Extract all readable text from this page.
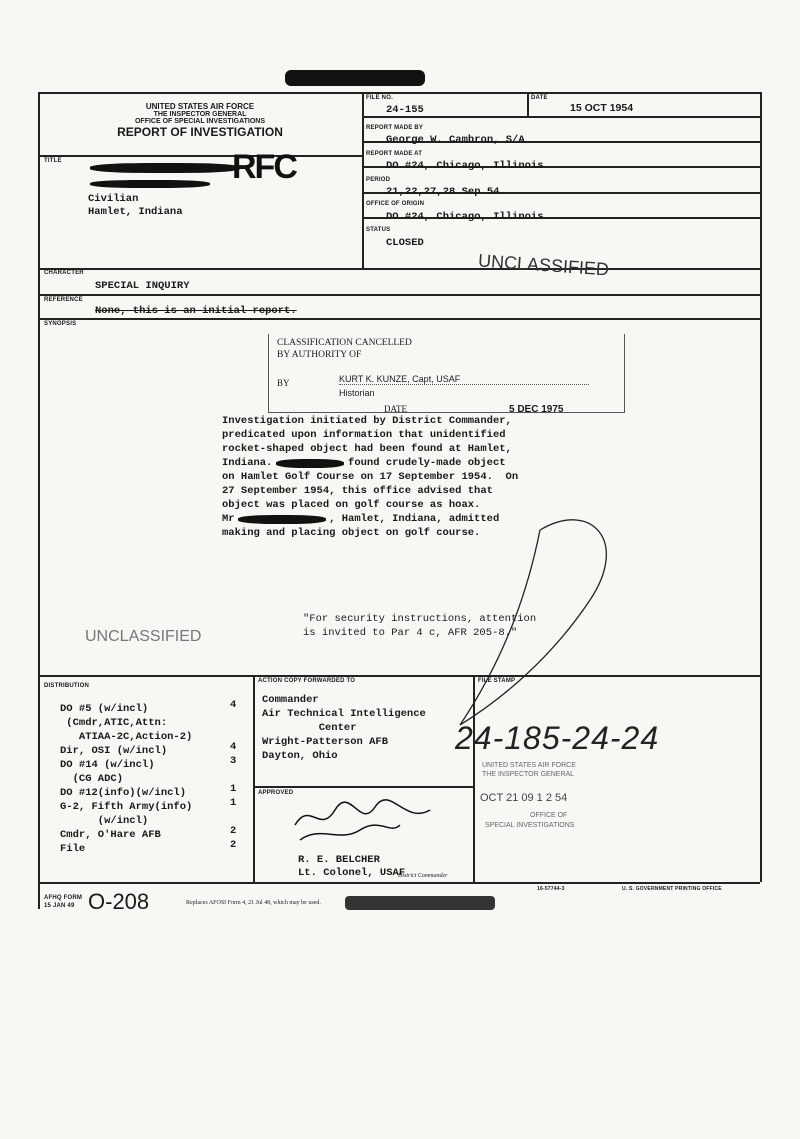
UNITED STATES AIR FORCE
THE INSPECTOR GENERAL
OFFICE OF SPECIAL INVESTIGATIONS
REPORT OF INVESTIGATION
TITLE	RFC
Civilian
Hamlet, Indiana
FILE NO.
24-155
DATE
15 OCT 1954
REPORT MADE BY
George W. Cambron, S/A
REPORT MADE AT
DO #24, Chicago, Illinois
PERIOD
21,22,27,28 Sep 54
OFFICE OF ORIGIN
DO #24, Chicago, Illinois
STATUS
CLOSED
UNCLASSIFIED
CHARACTER
SPECIAL INQUIRY
REFERENCE
None, this is an initial report.
SYNOPSIS
CLASSIFICATION CANCELLED
BY AUTHORITY OF
BY	KURT K. KUNZE, Capt, USAF
Historian
DATE	5 DEC 1975
Investigation initiated by District Commander,
predicated upon information that unidentified
rocket-shaped object had been found at Hamlet,
Indiana.            found crudely-made object
on Hamlet Golf Course on 17 September 1954.  On
27 September 1954, this office advised that
object was placed on golf course as hoax.
Mr               , Hamlet, Indiana, admitted
making and placing object on golf course.
"For security instructions, attention
is invited to Par 4 c, AFR 205-8."
UNCLASSIFIED
DISTRIBUTION
DO #5 (w/incl)	4
(Cmdr,ATIC,Attn:
ATIAA-2C,Action-2)
Dir, OSI (w/incl)	4
DO #14 (w/incl)	3
(CG ADC)
DO #12(info)(w/incl)	1
G-2, Fifth Army(info)	1
(w/incl)
Cmdr, O'Hare AFB	2
File	2
ACTION COPY FORWARDED TO
Commander
Air Technical Intelligence
Center
Wright-Patterson AFB
Dayton, Ohio
APPROVED
R. E. BELCHER
Lt. Colonel, USAF
District Commander
FILE STAMP
24-185-24-24
UNITED STATES AIR FORCE
THE INSPECTOR GENERAL
OCT 21 09 1 2 54
OFFICE OF
SPECIAL INVESTIGATIONS
AFHQ FORM
15 JAN 49 O-208	Replaces AFOSI Form 4, 21 Jul 48, which may be used.
16-57744-3	U. S. GOVERNMENT PRINTING OFFICE
